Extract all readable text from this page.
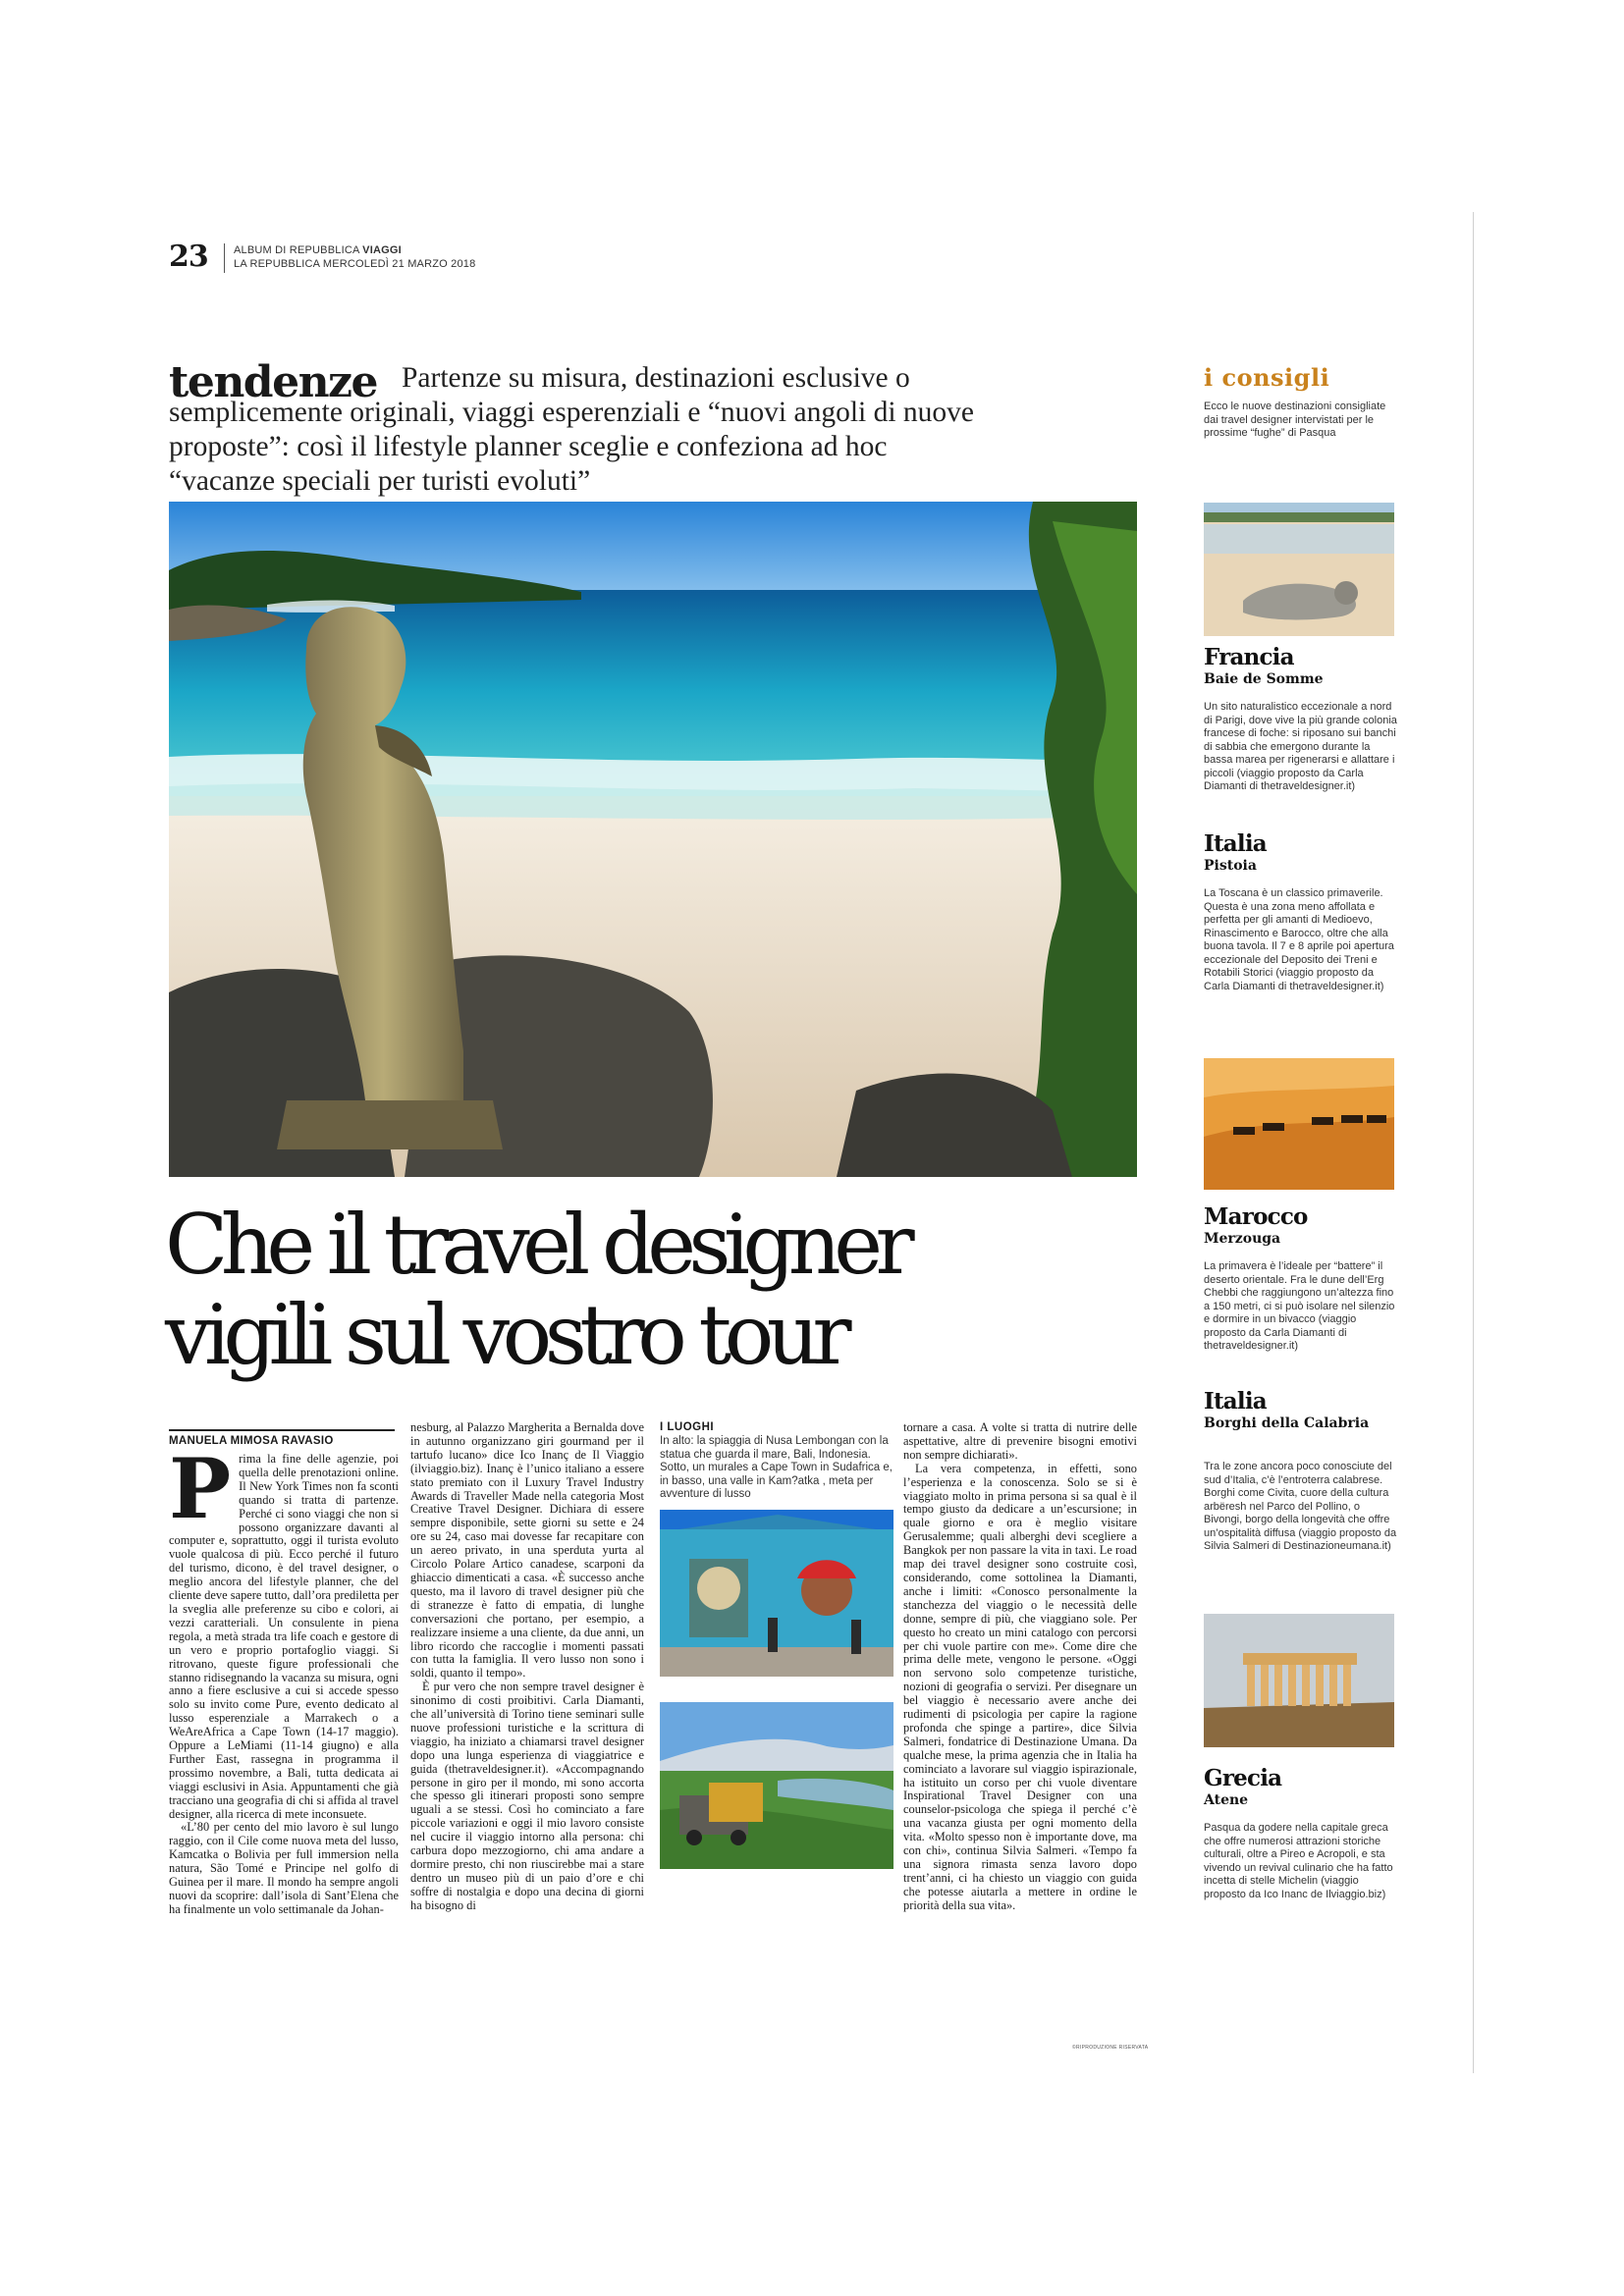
23 ALBUM DI REPUBBLICA VIAGGI
LA REPUBBLICA MERCOLEDÌ 21 MARZO 2018
Partenze su misura, destinazioni esclusive o semplicemente originali, viaggi esperenziali e “nuovi angoli di nuove proposte”: così il lifestyle planner sceglie e confeziona ad hoc “vacanze speciali per turisti evoluti”
tendenze
Che il travel designer
vigili sul vostro tour
MANUELA MIMOSA RAVASIO

Prima la fine delle agenzie, poi quella delle prenotazioni online. Il New York Times non fa sconti quando si tratta di partenze. Perché ci sono viaggi che non si possono organizzare davanti al computer e, soprattutto, oggi il turista evoluto vuole qualcosa di più. Ecco perché il futuro del turismo, dicono, è del travel designer, o meglio ancora del lifestyle planner, che del cliente deve sapere tutto, dall’ora prediletta per la sveglia alle preferenze su cibo e colori, ai vezzi caratteriali. Un consulente in piena regola, a metà strada tra life coach e gestore di un vero e proprio portafoglio viaggi. Si ritrovano, queste figure professionali che stanno ridisegnando la vacanza su misura, ogni anno a fiere esclusive a cui si accede spesso solo su invito come Pure, evento dedicato al lusso esperenziale a Marrakech o a WeAreAfrica a Cape Town (14-17 maggio). Oppure a LeMiami (11-14 giugno) e alla Further East, rassegna in programma il prossimo novembre, a Bali, tutta dedicata ai viaggi esclusivi in Asia. Appuntamenti che già tracciano una geografia di chi si affida al travel designer, alla ricerca di mete inconsuete.

«L’80 per cento del mio lavoro è sul lungo raggio, con il Cile come nuova meta del lusso, Kamcatka o Bolivia per full immersion nella natura, São Tomé e Principe nel golfo di Guinea per il mare. Il mondo ha sempre angoli nuovi da scoprire: dall’isola di Sant’Elena che ha finalmente un volo settimanale da Johan-

nesburg, al Palazzo Margherita a Bernalda dove in autunno organizzano giri gourmand per il tartufo lucano» dice Ico Inanç de Il Viaggio (ilviaggio.biz). Inanç è l’unico italiano a essere stato premiato con il Luxury Travel Industry Awards di Traveller Made nella categoria Most Creative Travel Designer. Dichiara di essere sempre disponibile, sette giorni su sette e 24 ore su 24, caso mai dovesse far recapitare con un aereo privato, in una sperduta yurta al Circolo Polare Artico canadese, scarponi da ghiaccio dimenticati a casa. «È successo anche questo, ma il lavoro di travel designer più che di stranezze è fatto di empatia, di lunghe conversazioni che portano, per esempio, a realizzare insieme a una cliente, da due anni, un libro ricordo che raccoglie i momenti passati con tutta la famiglia. Il vero lusso non sono i soldi, quanto il tempo».

È pur vero che non sempre travel designer è sinonimo di costi proibitivi. Carla Diamanti, che all’università di Torino tiene seminari sulle nuove professioni turistiche e la scrittura di viaggio, ha iniziato a chiamarsi travel designer dopo una lunga esperienza di viaggiatrice e guida (thetraveldesigner.it). «Accompagnando persone in giro per il mondo, mi sono accorta che spesso gli itinerari proposti sono sempre uguali a se stessi. Così ho cominciato a fare piccole variazioni e oggi il mio lavoro consiste nel cucire il viaggio intorno alla persona: chi carbura dopo mezzogiorno, chi ama andare a dormire presto, chi non riuscirebbe mai a stare dentro un museo più di un paio d’ore e chi soffre di nostalgia e dopo una decina di giorni ha bisogno di

I LUOGHI
In alto: la spiaggia di Nusa Lembongan con la statua che guarda il mare, Bali, Indonesia. Sotto, un murales a Cape Town in Sudafrica e, in basso, una valle in Kam?atka , meta per avventure di lusso

tornare a casa. A volte si tratta di nutrire delle aspettative, altre di prevenire bisogni emotivi non sempre dichiarati».

La vera competenza, in effetti, sono l’esperienza e la conoscenza. Solo se si è viaggiato molto in prima persona si sa qual è il tempo giusto da dedicare a un’escursione; in quale giorno e ora è meglio visitare Gerusalemme; quali alberghi devi scegliere a Bangkok per non passare la vita in taxi. Le road map dei travel designer sono costruite così, considerando, come sottolinea la Diamanti, anche i limiti: «Conosco personalmente la stanchezza del viaggio o le necessità delle donne, sempre di più, che viaggiano sole. Per questo ho creato un mini catalogo con percorsi per chi vuole partire con me». Come dire che prima delle mete, vengono le persone. «Oggi non servono solo competenze turistiche, nozioni di geografia o servizi. Per disegnare un bel viaggio è necessario avere anche dei rudimenti di psicologia per capire la ragione profonda che spinge a partire», dice Silvia Salmeri, fondatrice di Destinazione Umana. Da qualche mese, la prima agenzia che in Italia ha cominciato a lavorare sul viaggio ispirazionale, ha istituito un corso per chi vuole diventare Inspirational Travel Designer con una counselor-psicologa che spiega il perché c’è una vacanza giusta per ogni momento della vita. «Molto spesso non è importante dove, ma con chi», continua Silvia Salmeri. «Tempo fa una signora rimasta senza lavoro dopo trent’anni, ci ha chiesto un viaggio con guida che potesse aiutarla a mettere in ordine le priorità della sua vita».

©RIPRODUZIONE RISERVATA
i consigli
Ecco le nuove destinazioni consigliate dai travel designer intervistati per le prossime “fughe” di Pasqua
Francia
Baie de Somme
Un sito naturalistico eccezionale a nord di Parigi, dove vive la più grande colonia francese di foche: si riposano sui banchi di sabbia che emergono durante la bassa marea per rigenerarsi e allattare i piccoli (viaggio proposto da Carla Diamanti di thetraveldesigner.it)
Italia
Pistoia
La Toscana è un classico primaverile. Questa è una zona meno affollata e perfetta per gli amanti di Medioevo, Rinascimento e Barocco, oltre che alla buona tavola. Il 7 e 8 aprile poi apertura eccezionale del Deposito dei Treni e Rotabili Storici (viaggio proposto da Carla Diamanti di thetraveldesigner.it)
Marocco
Merzouga
La primavera è l’ideale per “battere” il deserto orientale. Fra le dune dell’Erg Chebbi che raggiungono un’altezza fino a 150 metri, ci si può isolare nel silenzio e dormire in un bivacco (viaggio proposto da Carla Diamanti di thetraveldesigner.it)
Italia
Borghi della Calabria
Tra le zone ancora poco conosciute del sud d’Italia, c’è l’entroterra calabrese. Borghi come Civita, cuore della cultura arbëresh nel Parco del Pollino, o Bivongi, borgo della longevità che offre un’ospitalità diffusa (viaggio proposto da Silvia Salmeri di Destinazioneumana.it)
Grecia
Atene
Pasqua da godere nella capitale greca che offre numerosi attrazioni storiche culturali, oltre a Pireo e Acropoli, e sta vivendo un revival culinario che ha fatto incetta di stelle Michelin (viaggio proposto da Ico Inanc de Ilviaggio.biz)
